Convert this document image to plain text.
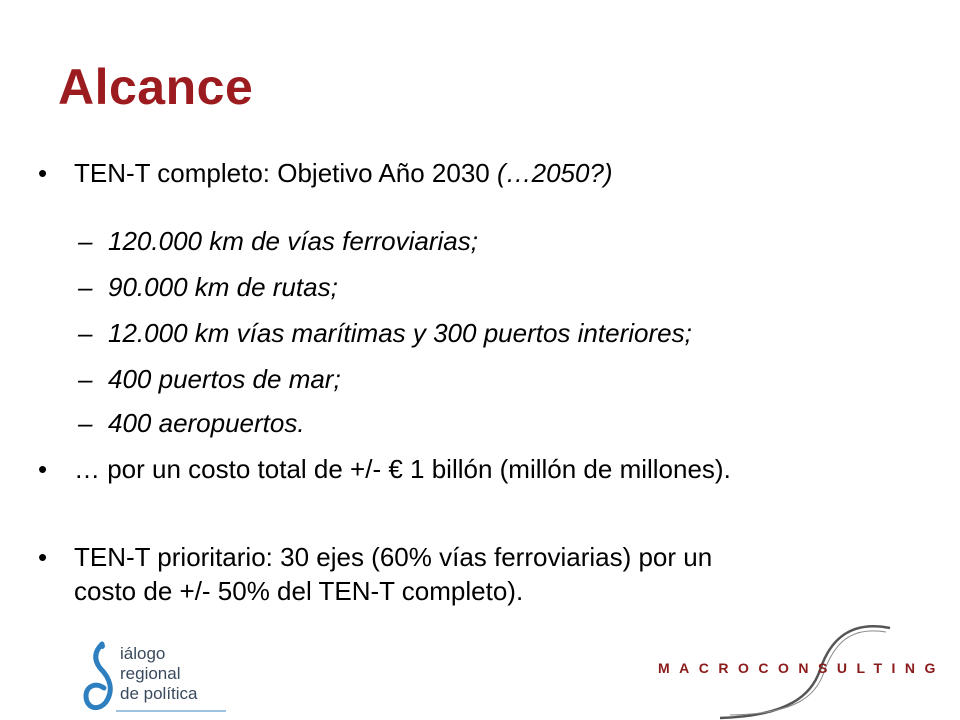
Alcance
•	TEN-T completo: Objetivo Año 2030 (…2050?)
– 120.000 km de vías ferroviarias;
– 90.000 km de rutas;
– 12.000 km vías marítimas y 300 puertos interiores;
– 400 puertos de mar;
– 400 aeropuertos.
•	… por un costo total de +/- € 1 billón (millón de millones).
•	TEN-T prioritario: 30 ejes (60% vías ferroviarias) por un
costo de +/- 50% del TEN-T completo).
iálogo
regional
de política
MACROCONSULTING
